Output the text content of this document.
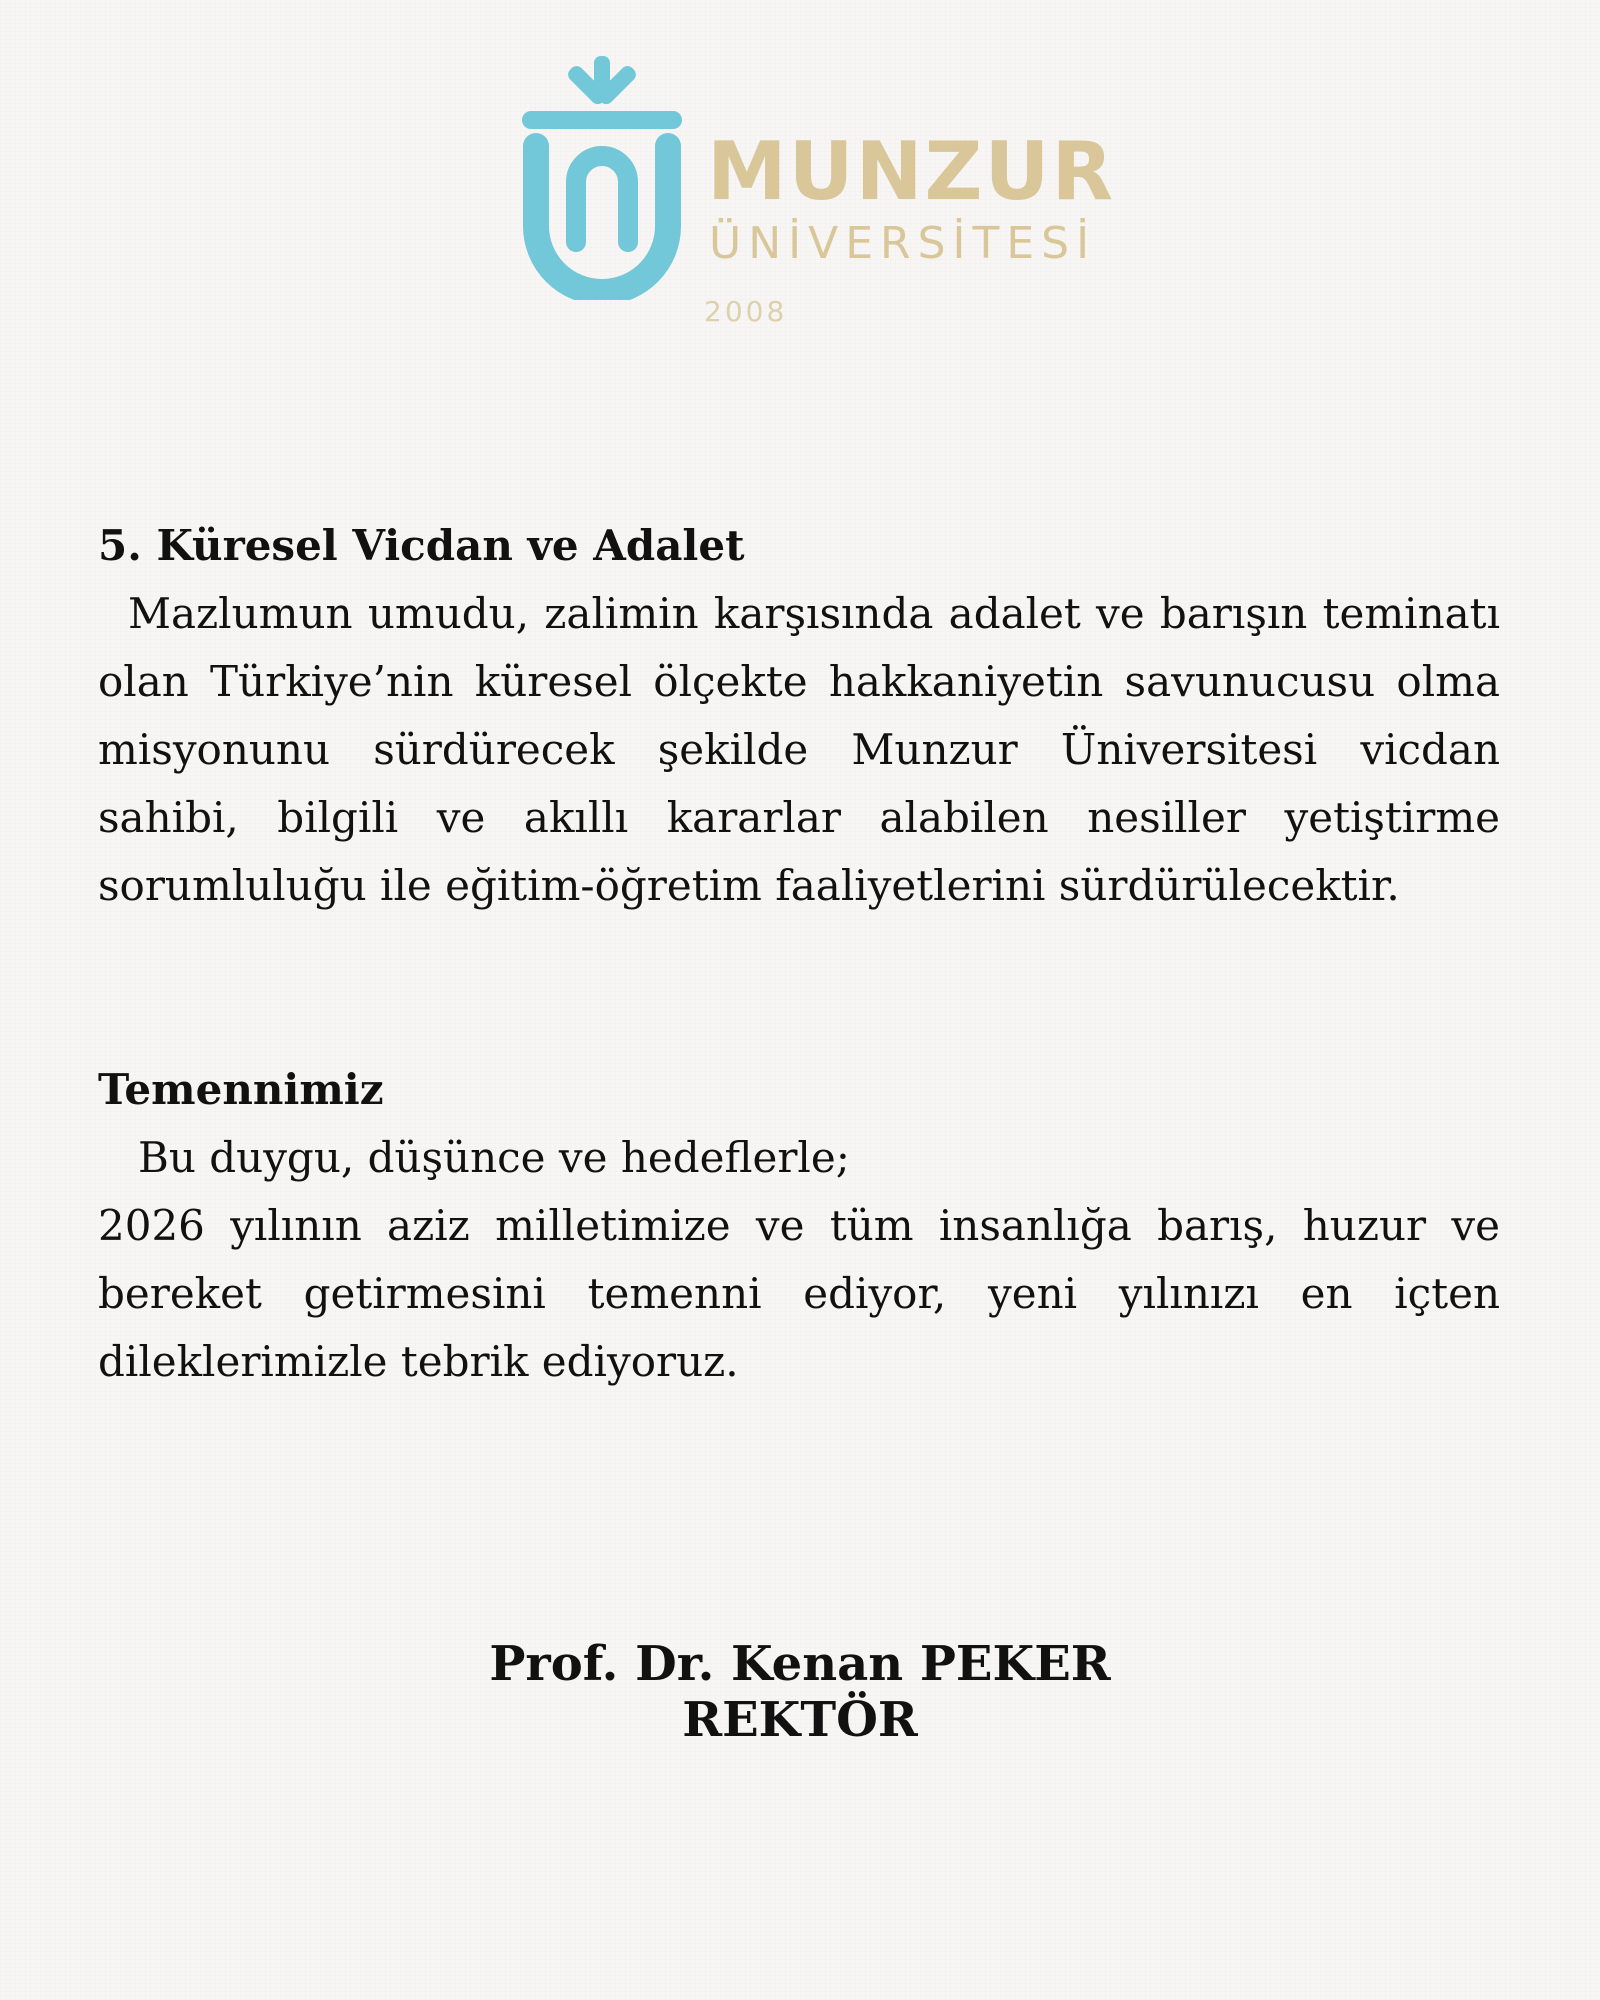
MUNZUR
ÜNİVERSİTESİ
2008

5. Küresel Vicdan ve Adalet

Mazlumun umudu, zalimin karşısında adalet ve barışın teminatı olan Türkiye’nin küresel ölçekte hakkaniyetin savunucusu olma misyonunu sürdürecek şekilde Munzur Üniversitesi vicdan sahibi, bilgili ve akıllı kararlar alabilen nesiller yetiştirme sorumluluğu ile eğitim-öğretim faaliyetlerini sürdürülecektir.

Temennimiz

Bu duygu, düşünce ve hedeflerle;

2026 yılının aziz milletimize ve tüm insanlığa barış, huzur ve bereket getirmesini temenni ediyor, yeni yılınızı en içten dileklerimizle tebrik ediyoruz.

Prof. Dr. Kenan PEKER

REKTÖR
